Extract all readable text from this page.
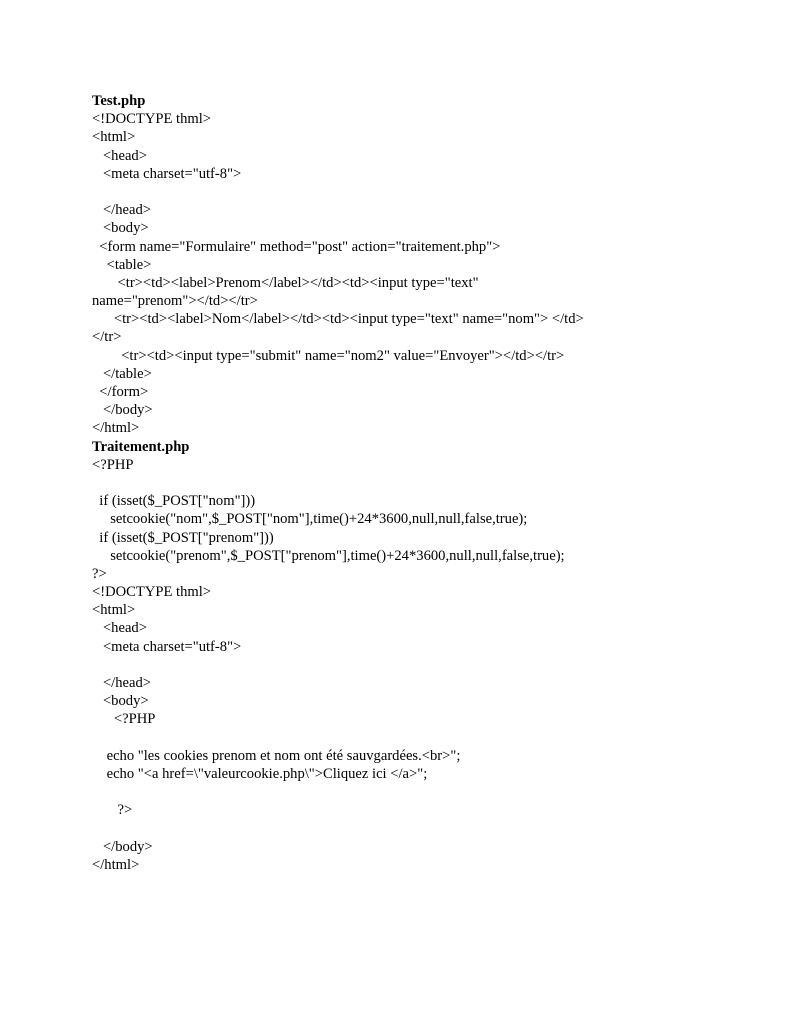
Test.php
<!DOCTYPE thml>
<html>
<head>
<meta charset="utf-8">
</head>
<body>
<form name="Formulaire" method="post" action="traitement.php">
<table>
<tr><td><label>Prenom</label></td><td><input type="text"
name="prenom"></td></tr>
<tr><td><label>Nom</label></td><td><input type="text" name="nom"> </td>
</tr>
<tr><td><input type="submit" name="nom2" value="Envoyer"></td></tr>
</table>
</form>
</body>
</html>
Traitement.php
<?PHP
if (isset($_POST["nom"]))
setcookie("nom",$_POST["nom"],time()+24*3600,null,null,false,true);
if (isset($_POST["prenom"]))
setcookie("prenom",$_POST["prenom"],time()+24*3600,null,null,false,true);
?>
<!DOCTYPE thml>
<html>
<head>
<meta charset="utf-8">
</head>
<body>
<?PHP
echo "les cookies prenom et nom ont été sauvgardées.<br>";
echo "<a href=\"valeurcookie.php\">Cliquez ici </a>";
?>
</body>
</html>
